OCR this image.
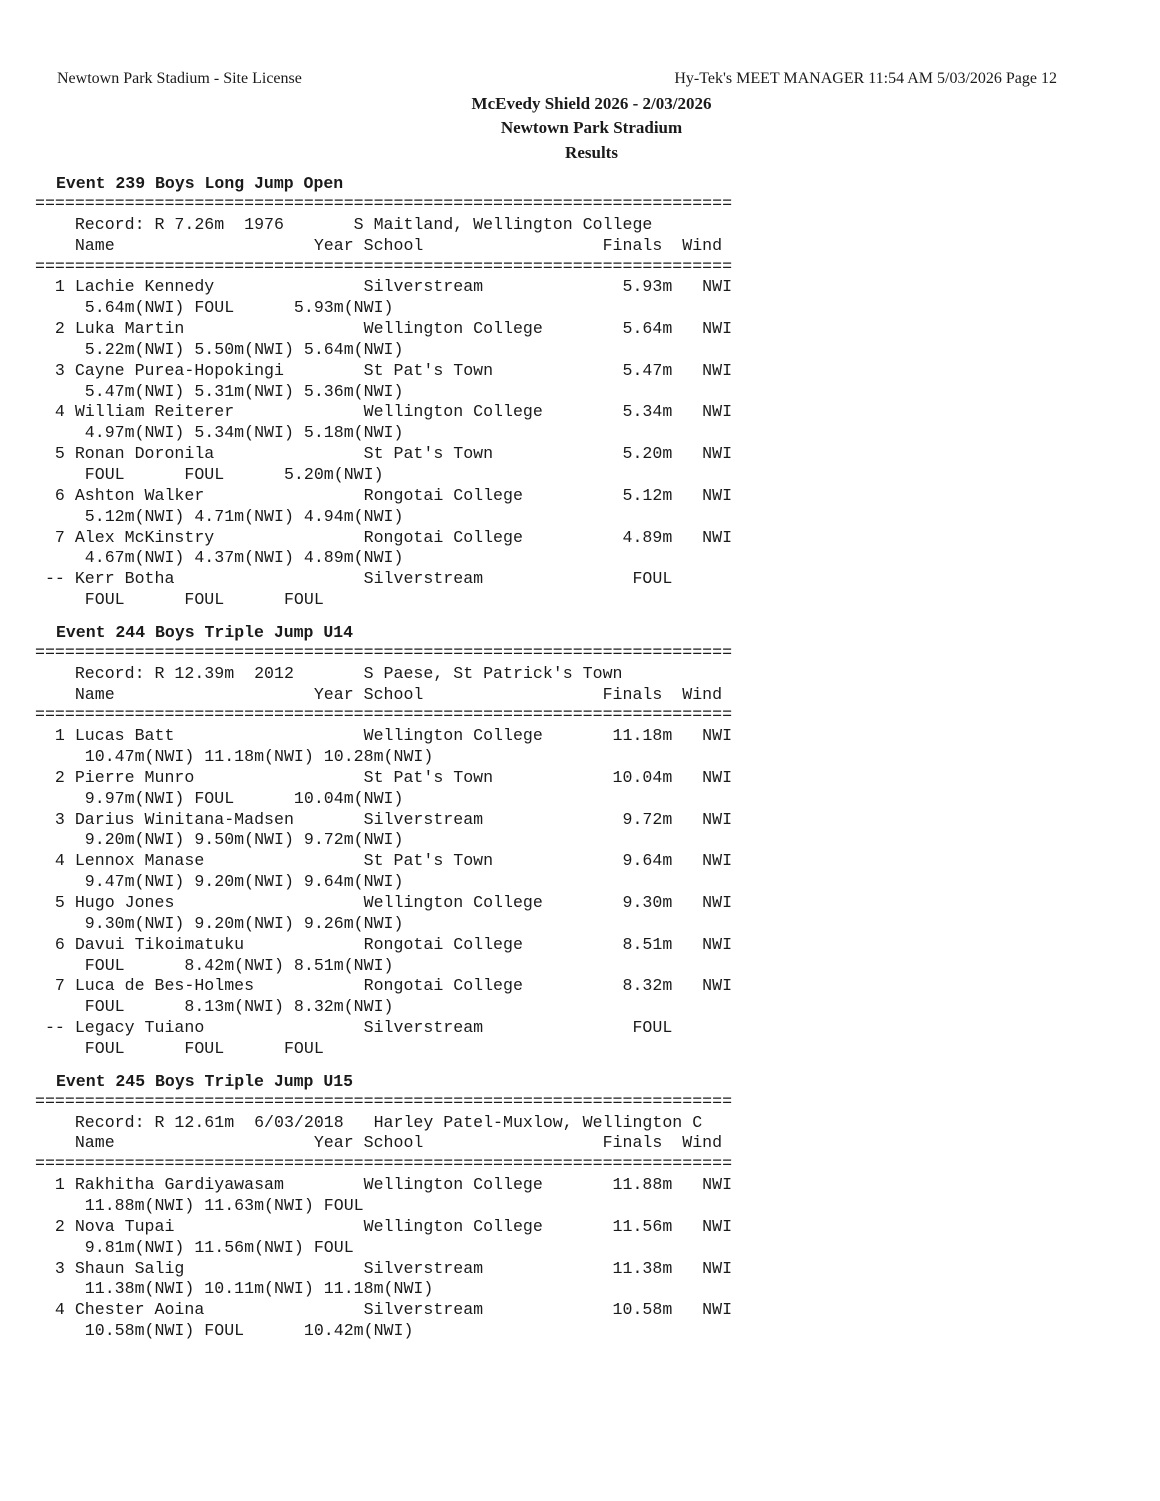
Newtown Park Stadium - Site License	Hy-Tek's MEET MANAGER 11:54 AM 5/03/2026 Page 12
McEvedy Shield 2026 - 2/03/2026
Newtown Park Stradium
Results
Event 239 Boys Long Jump Open
======================================================================
Record: R 7.26m  1976       S Maitland, Wellington College
Name                    Year School                  Finals  Wind
======================================================================
1 Lachie Kennedy               Silverstream              5.93m   NWI
5.64m(NWI) FOUL      5.93m(NWI)
2 Luka Martin                  Wellington College        5.64m   NWI
5.22m(NWI) 5.50m(NWI) 5.64m(NWI)
3 Cayne Purea-Hopokingi        St Pat's Town             5.47m   NWI
5.47m(NWI) 5.31m(NWI) 5.36m(NWI)
4 William Reiterer             Wellington College        5.34m   NWI
4.97m(NWI) 5.34m(NWI) 5.18m(NWI)
5 Ronan Doronila               St Pat's Town             5.20m   NWI
FOUL      FOUL      5.20m(NWI)
6 Ashton Walker                Rongotai College          5.12m   NWI
5.12m(NWI) 4.71m(NWI) 4.94m(NWI)
7 Alex McKinstry               Rongotai College          4.89m   NWI
4.67m(NWI) 4.37m(NWI) 4.89m(NWI)
-- Kerr Botha                   Silverstream               FOUL
FOUL      FOUL      FOUL
Event 244 Boys Triple Jump U14
======================================================================
Record: R 12.39m  2012       S Paese, St Patrick's Town
Name                    Year School                  Finals  Wind
======================================================================
1 Lucas Batt                   Wellington College       11.18m   NWI
10.47m(NWI) 11.18m(NWI) 10.28m(NWI)
2 Pierre Munro                 St Pat's Town            10.04m   NWI
9.97m(NWI) FOUL      10.04m(NWI)
3 Darius Winitana-Madsen       Silverstream              9.72m   NWI
9.20m(NWI) 9.50m(NWI) 9.72m(NWI)
4 Lennox Manase                St Pat's Town             9.64m   NWI
9.47m(NWI) 9.20m(NWI) 9.64m(NWI)
5 Hugo Jones                   Wellington College        9.30m   NWI
9.30m(NWI) 9.20m(NWI) 9.26m(NWI)
6 Davui Tikoimatuku            Rongotai College          8.51m   NWI
FOUL      8.42m(NWI) 8.51m(NWI)
7 Luca de Bes-Holmes           Rongotai College          8.32m   NWI
FOUL      8.13m(NWI) 8.32m(NWI)
-- Legacy Tuiano                Silverstream               FOUL
FOUL      FOUL      FOUL
Event 245 Boys Triple Jump U15
======================================================================
Record: R 12.61m  6/03/2018   Harley Patel-Muxlow, Wellington C
Name                    Year School                  Finals  Wind
======================================================================
1 Rakhitha Gardiyawasam        Wellington College       11.88m   NWI
11.88m(NWI) 11.63m(NWI) FOUL
2 Nova Tupai                   Wellington College       11.56m   NWI
9.81m(NWI) 11.56m(NWI) FOUL
3 Shaun Salig                  Silverstream             11.38m   NWI
11.38m(NWI) 10.11m(NWI) 11.18m(NWI)
4 Chester Aoina                Silverstream             10.58m   NWI
10.58m(NWI) FOUL      10.42m(NWI)
